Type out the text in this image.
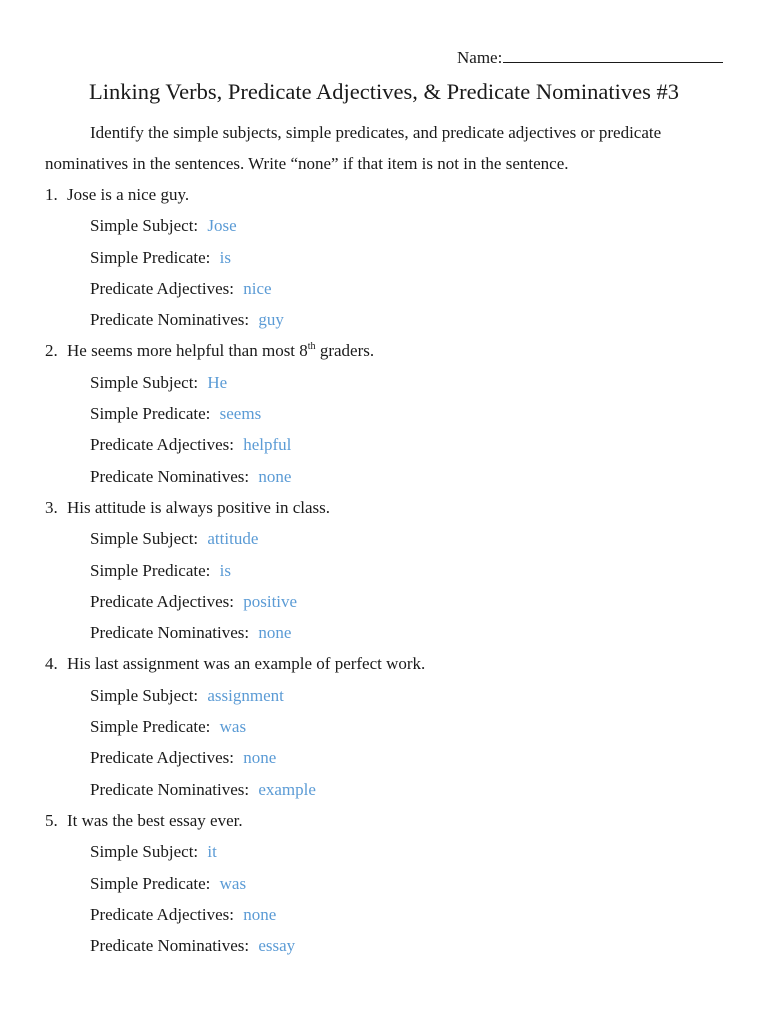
Name:
Linking Verbs, Predicate Adjectives, & Predicate Nominatives #3
Identify the simple subjects, simple predicates, and predicate adjectives or predicate
nominatives in the sentences. Write “none” if that item is not in the sentence.
1. Jose is a nice guy.
Simple Subject: Jose
Simple Predicate: is
Predicate Adjectives: nice
Predicate Nominatives: guy
2. He seems more helpful than most 8th graders.
Simple Subject: He
Simple Predicate: seems
Predicate Adjectives: helpful
Predicate Nominatives: none
3. His attitude is always positive in class.
Simple Subject: attitude
Simple Predicate: is
Predicate Adjectives: positive
Predicate Nominatives: none
4. His last assignment was an example of perfect work.
Simple Subject: assignment
Simple Predicate: was
Predicate Adjectives: none
Predicate Nominatives: example
5. It was the best essay ever.
Simple Subject: it
Simple Predicate: was
Predicate Adjectives: none
Predicate Nominatives: essay
